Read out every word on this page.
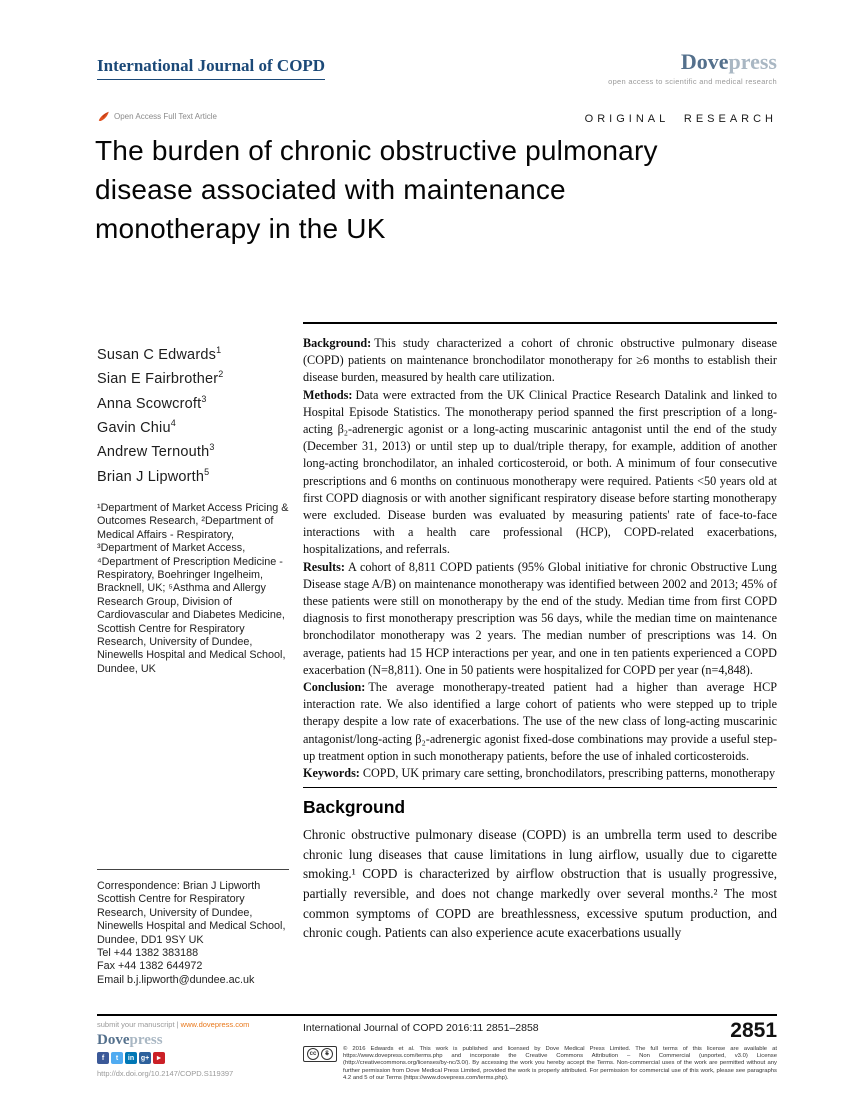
International Journal of COPD	Dovepress
open access to scientific and medical research
Open Access Full Text Article	ORIGINAL RESEARCH
The burden of chronic obstructive pulmonary disease associated with maintenance monotherapy in the UK
Susan C Edwards$^1$
Sian E Fairbrother$^2$
Anna Scowcroft$^3$
Gavin Chiu$^4$
Andrew Ternouth$^3$
Brian J Lipworth$^5$
¹Department of Market Access Pricing & Outcomes Research, ²Department of Medical Affairs - Respiratory, ³Department of Market Access, ⁴Department of Prescription Medicine - Respiratory, Boehringer Ingelheim, Bracknell, UK; ⁵Asthma and Allergy Research Group, Division of Cardiovascular and Diabetes Medicine, Scottish Centre for Respiratory Research, University of Dundee, Ninewells Hospital and Medical School, Dundee, UK
Correspondence: Brian J Lipworth
Scottish Centre for Respiratory Research, University of Dundee, Ninewells Hospital and Medical School, Dundee, DD1 9SY UK
Tel +44 1382 383188
Fax +44 1382 644972
Email b.j.lipworth@dundee.ac.uk

Background: This study characterized a cohort of chronic obstructive pulmonary disease (COPD) patients on maintenance bronchodilator monotherapy for ≥6 months to establish their disease burden, measured by health care utilization.

Methods: Data were extracted from the UK Clinical Practice Research Datalink and linked to Hospital Episode Statistics. The monotherapy period spanned the first prescription of a long-acting β₂-adrenergic agonist or a long-acting muscarinic antagonist until the end of the study (December 31, 2013) or until step up to dual/triple therapy, for example, addition of another long-acting bronchodilator, an inhaled corticosteroid, or both. A minimum of four consecutive prescriptions and 6 months on continuous monotherapy were required. Patients <50 years old at first COPD diagnosis or with another significant respiratory disease before starting monotherapy were excluded. Disease burden was evaluated by measuring patients' rate of face-to-face interactions with a health care professional (HCP), COPD-related exacerbations, hospitalizations, and referrals.

Results: A cohort of 8,811 COPD patients (95% Global initiative for chronic Obstructive Lung Disease stage A/B) on maintenance monotherapy was identified between 2002 and 2013; 45% of these patients were still on monotherapy by the end of the study. Median time from first COPD diagnosis to first monotherapy prescription was 56 days, while the median time on maintenance bronchodilator monotherapy was 2 years. The median number of prescriptions was 14. On average, patients had 15 HCP interactions per year, and one in ten patients experienced a COPD exacerbation (N=8,811). One in 50 patients were hospitalized for COPD per year (n=4,848).

Conclusion: The average monotherapy-treated patient had a higher than average HCP interaction rate. We also identified a large cohort of patients who were stepped up to triple therapy despite a low rate of exacerbations. The use of the new class of long-acting muscarinic antagonist/long-acting β₂-adrenergic agonist fixed-dose combinations may provide a useful step-up treatment option in such monotherapy patients, before the use of inhaled corticosteroids.

Keywords: COPD, UK primary care setting, bronchodilators, prescribing patterns, monotherapy

Background

Chronic obstructive pulmonary disease (COPD) is an umbrella term used to describe chronic lung diseases that cause limitations in lung airflow, usually due to cigarette smoking.¹ COPD is characterized by airflow obstruction that is usually progressive, partially reversible, and does not change markedly over several months.² The most common symptoms of COPD are breathlessness, excessive sputum production, and chronic cough. Patients can also experience acute exacerbations usually

submit your manuscript | www.dovepress.com
Dovepress
f	t	in g+ ►
http://dx.doi.org/10.2147/COPD.S119397
International Journal of COPD 2016:11 2851–2858	2851
cc	$
© 2016 Edwards et al. This work is published and licensed by Dove Medical Press Limited. The full terms of this license are available at https://www.dovepress.com/terms.php and incorporate the Creative Commons Attribution – Non Commercial (unported, v3.0) License (http://creativecommons.org/licenses/by-nc/3.0/). By accessing the work you hereby accept the Terms. Non-commercial uses of the work are permitted without any further permission from Dove Medical Press Limited, provided the work is properly attributed. For permission for commercial use of this work, please see paragraphs 4.2 and 5 of our Terms (https://www.dovepress.com/terms.php).
